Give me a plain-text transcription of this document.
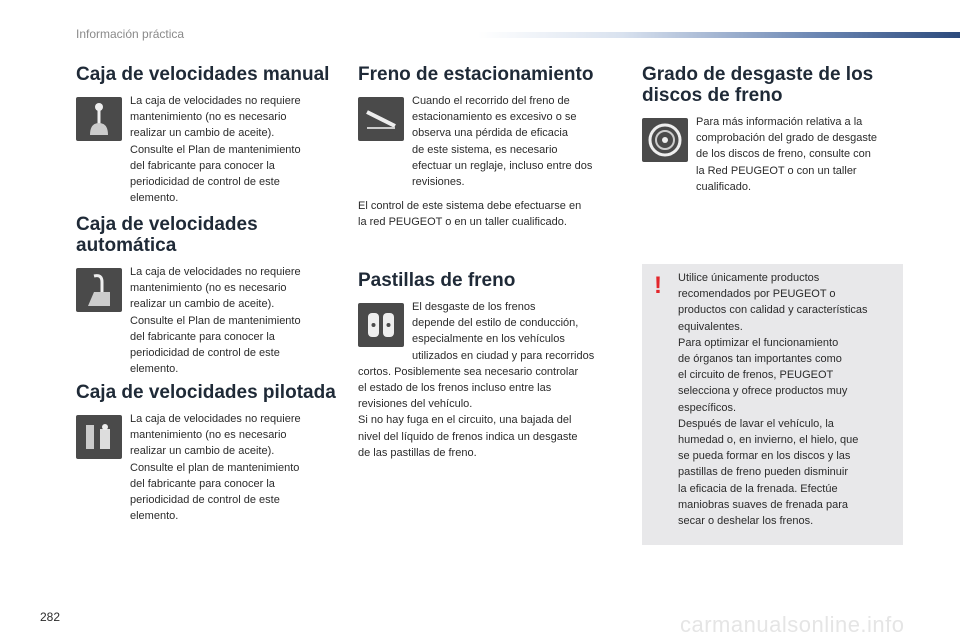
Información práctica
Caja de velocidades manual
La caja de velocidades no requiere
mantenimiento (no es necesario
realizar un cambio de aceite).
Consulte el Plan de mantenimiento
del fabricante para conocer la
periodicidad de control de este
elemento.
Caja de velocidades
automática
La caja de velocidades no requiere
mantenimiento (no es necesario
realizar un cambio de aceite).
Consulte el Plan de mantenimiento
del fabricante para conocer la
periodicidad de control de este
elemento.
Caja de velocidades pilotada
La caja de velocidades no requiere
mantenimiento (no es necesario
realizar un cambio de aceite).
Consulte el plan de mantenimiento
del fabricante para conocer la
periodicidad de control de este
elemento.
Freno de estacionamiento
Cuando el recorrido del freno de
estacionamiento es excesivo o se
observa una pérdida de eficacia
de este sistema, es necesario
efectuar un reglaje, incluso entre dos
revisiones.
El control de este sistema debe efectuarse en
la red PEUGEOT o en un taller cualificado.
Pastillas de freno
El desgaste de los frenos
depende del estilo de conducción,
especialmente en los vehículos
utilizados en ciudad y para recorridos
cortos. Posiblemente sea necesario controlar
el estado de los frenos incluso entre las
revisiones del vehículo.
Si no hay fuga en el circuito, una bajada del
nivel del líquido de frenos indica un desgaste
de las pastillas de freno.
Grado de desgaste de los
discos de freno
Para más información relativa a la
comprobación del grado de desgaste
de los discos de freno, consulte con
la Red PEUGEOT o con un taller
cualificado.
! Utilice únicamente productos
recomendados por PEUGEOT o
productos con calidad y características
equivalentes.
Para optimizar el funcionamiento
de órganos tan importantes como
el circuito de frenos, PEUGEOT
selecciona y ofrece productos muy
específicos.
Después de lavar el vehículo, la
humedad o, en invierno, el hielo, que
se pueda formar en los discos y las
pastillas de freno pueden disminuir
la eficacia de la frenada. Efectúe
maniobras suaves de frenada para
secar o deshelar los frenos.
282	carmanualsonline.info
